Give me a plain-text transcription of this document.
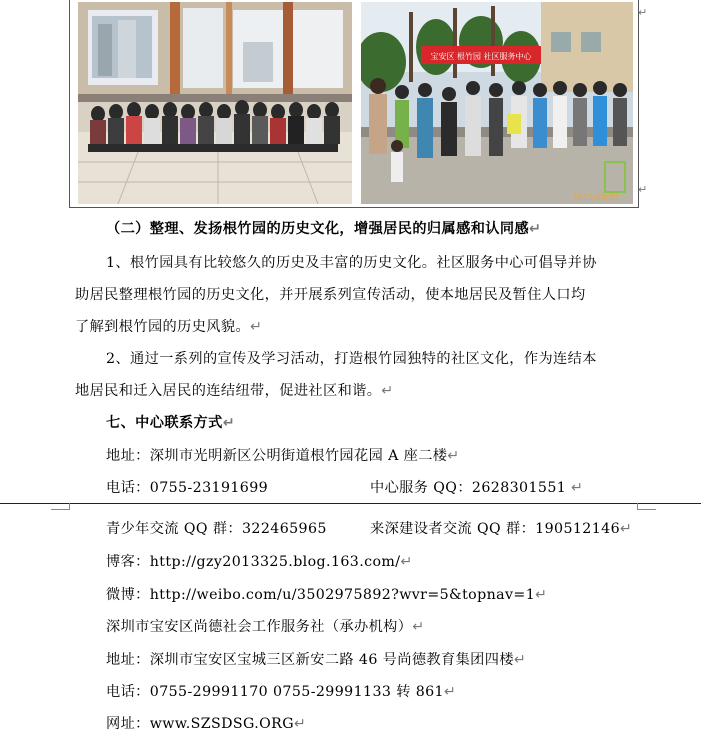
宝安区 根竹园 社区服务中心
2013/04/27
↵
↵
（二）整理、发扬根竹园的历史文化，增强居民的归属感和认同感↵
1、根竹园具有比较悠久的历史及丰富的历史文化。社区服务中心可倡导并协
助居民整理根竹园的历史文化，并开展系列宣传活动，使本地居民及暂住人口均
了解到根竹园的历史风貌。↵
2、通过一系列的宣传及学习活动，打造根竹园独特的社区文化，作为连结本
地居民和迁入居民的连结纽带，促进社区和谐。↵
七、中心联系方式↵
地址：深圳市光明新区公明街道根竹园花园 A 座二楼↵
电话：0755-23191699	中心服务 QQ：2628301551 ↵
青少年交流 QQ 群：322465965	来深建设者交流 QQ 群：190512146↵
博客：http://gzy2013325.blog.163.com/↵
微博：http://weibo.com/u/3502975892?wvr=5&topnav=1↵
深圳市宝安区尚德社会工作服务社（承办机构）↵
地址：深圳市宝安区宝城三区新安二路 46 号尚德教育集团四楼↵
电话：0755-29991170 0755-29991133 转 861↵
网址：www.SZSDSG.ORG↵
